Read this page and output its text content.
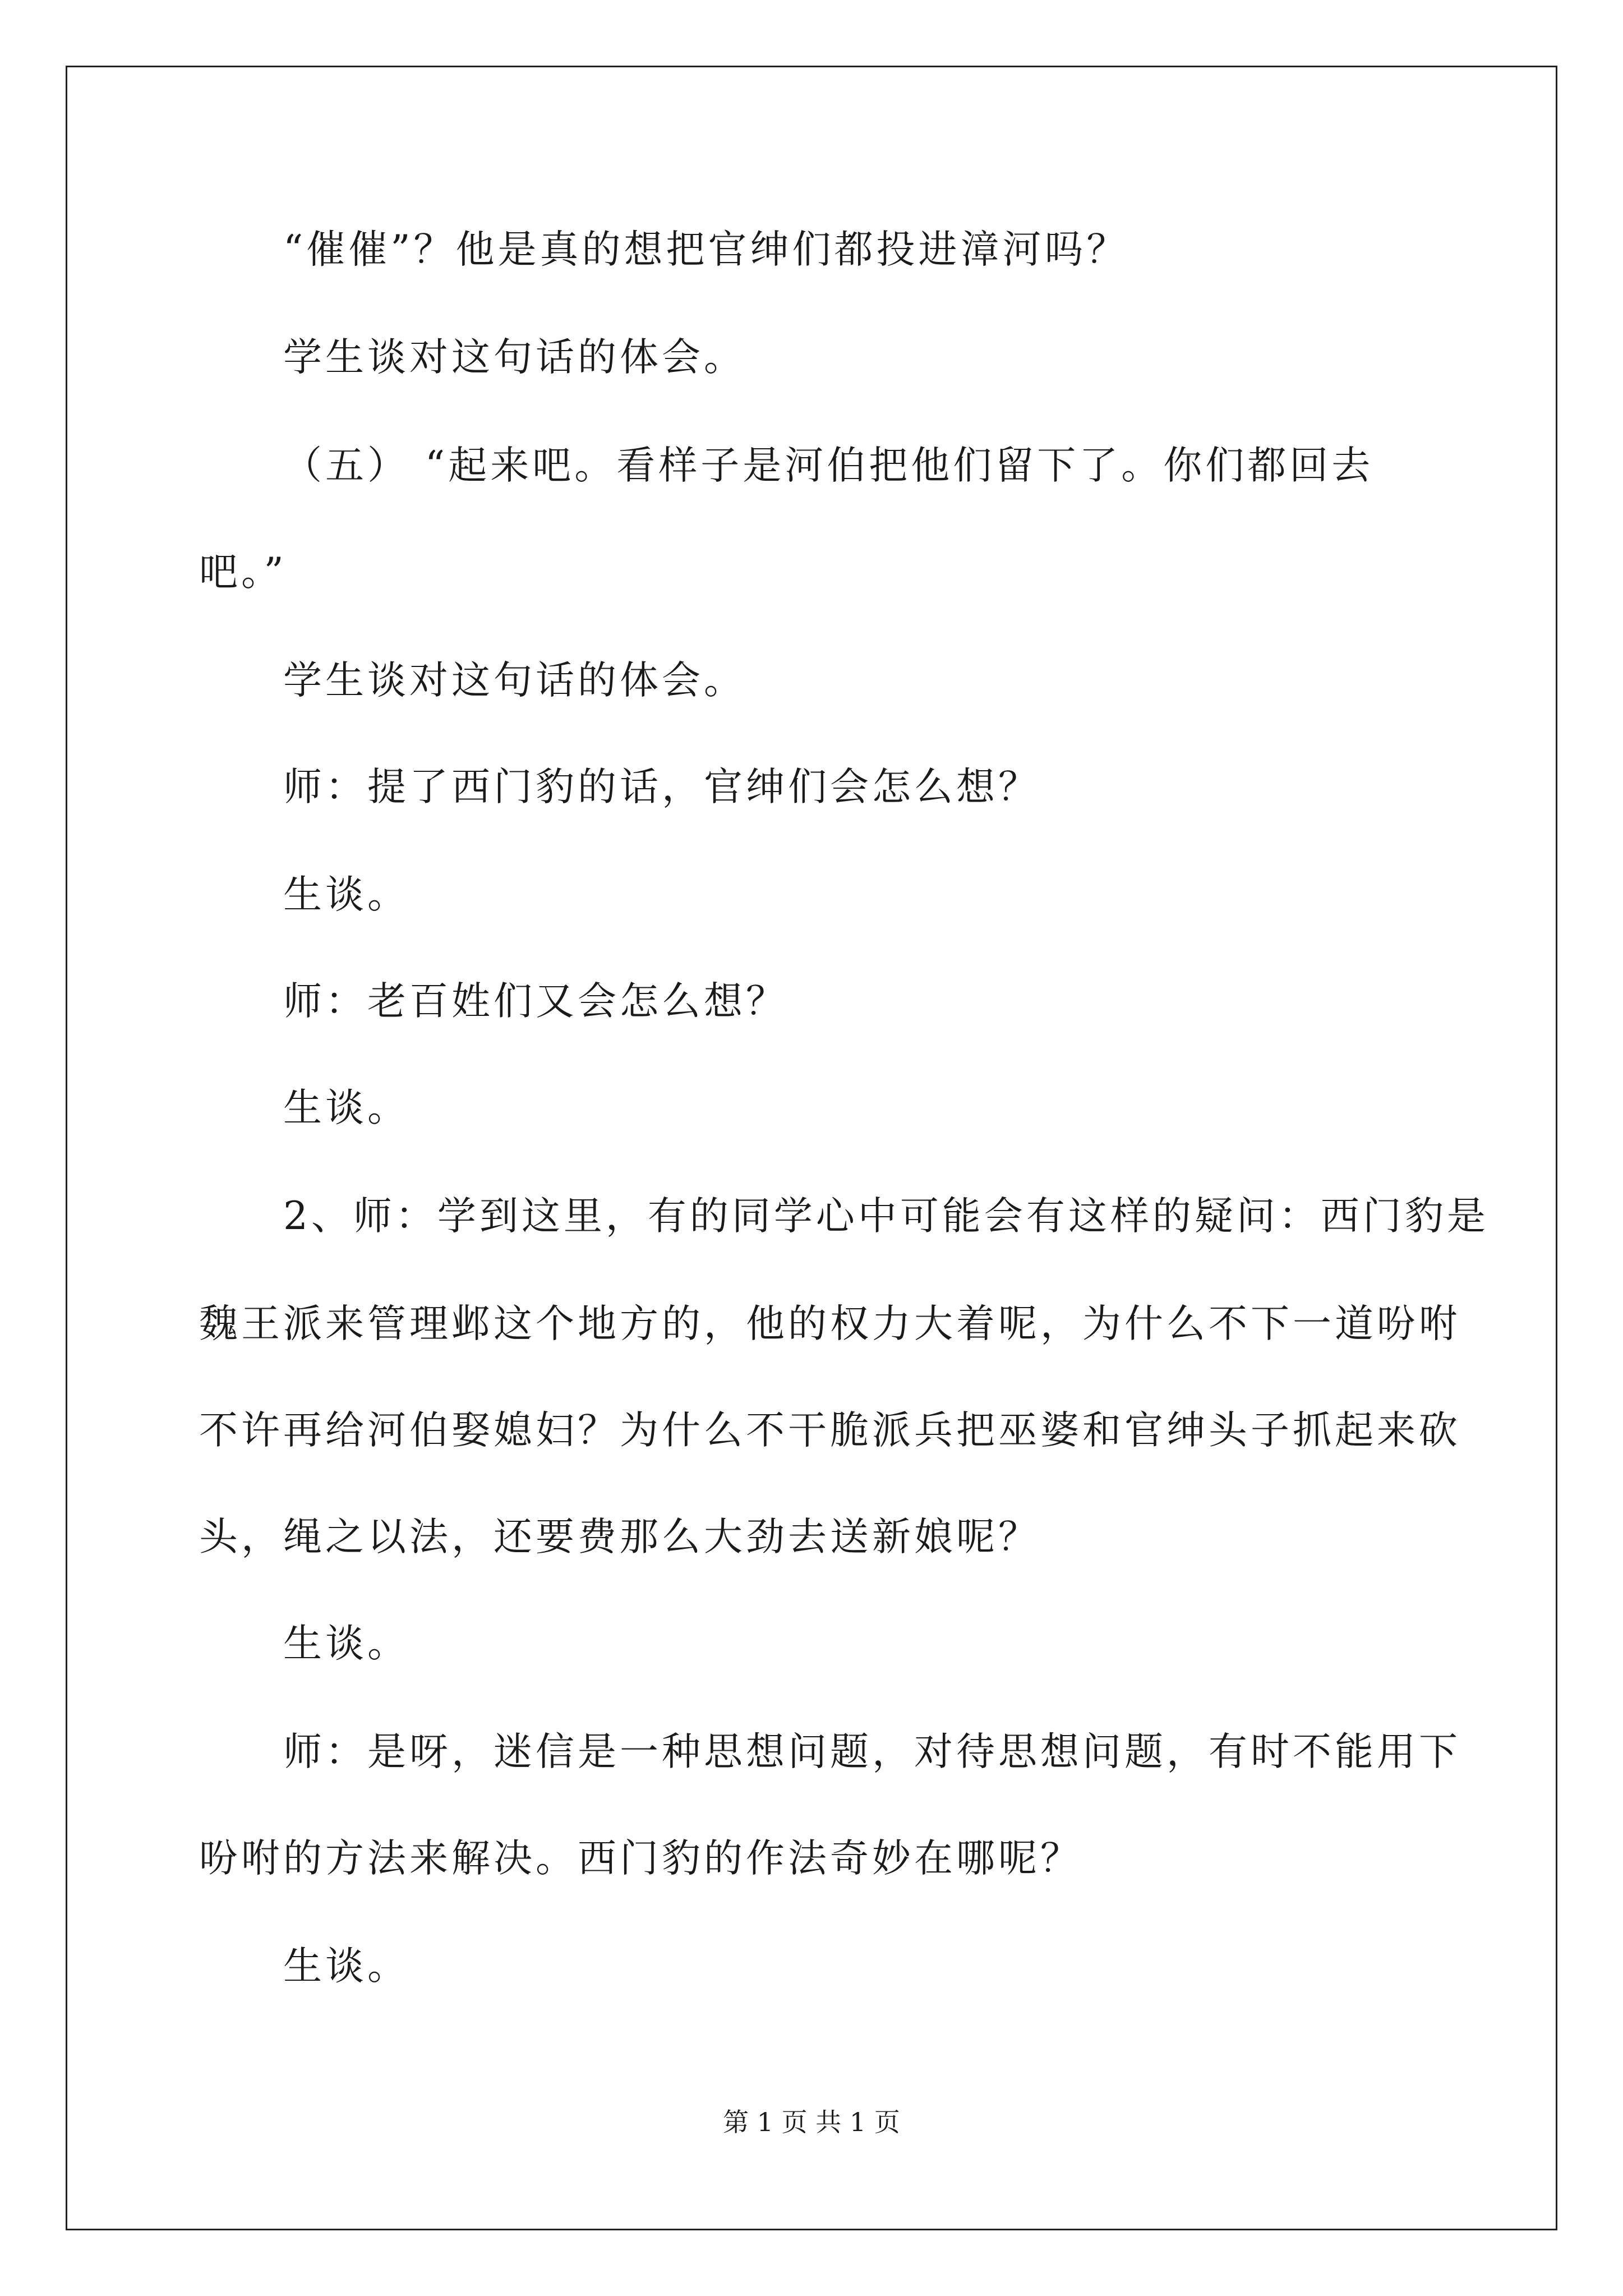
“催催”？他是真的想把官绅们都投进漳河吗？
学生谈对这句话的体会。
（五） “起来吧。看样子是河伯把他们留下了。你们都回去
吧。”
学生谈对这句话的体会。
师：提了西门豹的话，官绅们会怎么想？
生谈。
师：老百姓们又会怎么想？
生谈。
2、师：学到这里，有的同学心中可能会有这样的疑问：西门豹是
魏王派来管理邺这个地方的，他的权力大着呢，为什么不下一道吩咐
不许再给河伯娶媳妇？为什么不干脆派兵把巫婆和官绅头子抓起来砍
头，绳之以法，还要费那么大劲去送新娘呢？
生谈。
师：是呀，迷信是一种思想问题，对待思想问题，有时不能用下
吩咐的方法来解决。西门豹的作法奇妙在哪呢？
生谈。
第 1 页 共 1 页
